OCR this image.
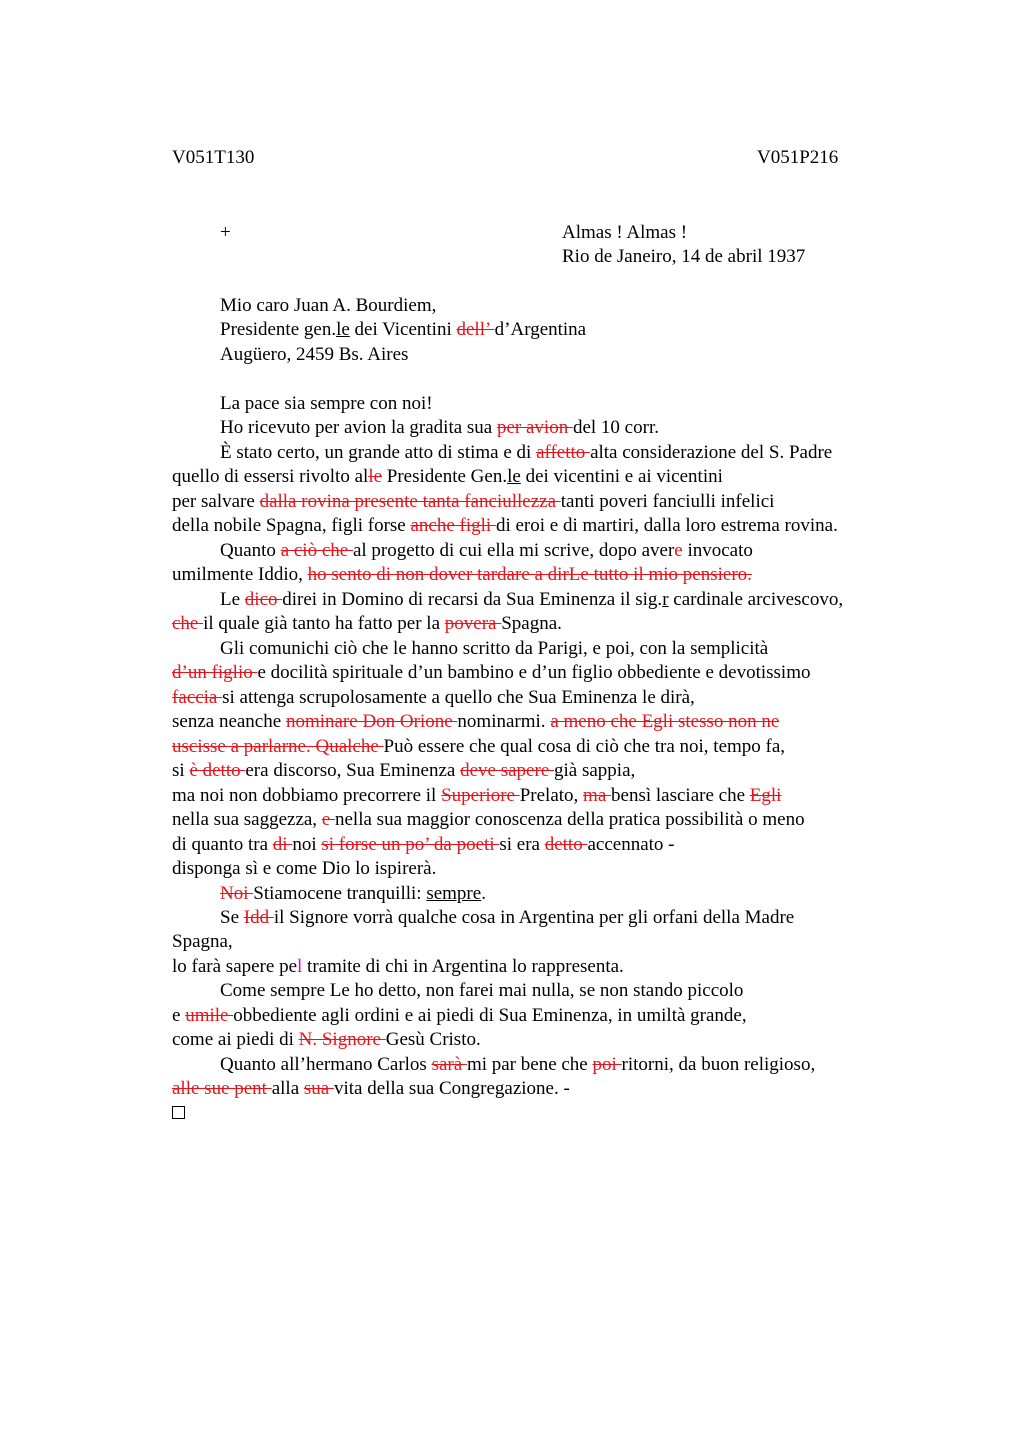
V051T130	V051P216
+	Almas ! Almas !
Rio de Janeiro, 14 de abril 1937
Mio caro Juan A. Bourdiem,
Presidente gen.le dei Vicentini dell’ d’Argentina
Augüero, 2459 Bs. Aires
La pace sia sempre con noi!
Ho ricevuto per avion la gradita sua per avion del 10 corr.
È stato certo, un grande atto di stima e di affetto alta considerazione del S. Padre
quello di essersi rivolto alle Presidente Gen.le dei vicentini e ai vicentini
per salvare dalla rovina presente tanta fanciullezza tanti poveri fanciulli infelici
della nobile Spagna, figli forse anche figli di eroi e di martiri, dalla loro estrema rovina.
Quanto a ciò che al progetto di cui ella mi scrive, dopo avere invocato
umilmente Iddio, ho sento di non dover tardare a dirLe tutto il mio pensiero.
Le dico direi in Domino di recarsi da Sua Eminenza il sig.r cardinale arcivescovo,
che il quale già tanto ha fatto per la povera Spagna.
Gli comunichi ciò che le hanno scritto da Parigi, e poi, con la semplicità
d’un figlio e docilità spirituale d’un bambino e d’un figlio obbediente e devotissimo
faccia si attenga scrupolosamente a quello che Sua Eminenza le dirà,
senza neanche nominare Don Orione nominarmi. a meno che Egli stesso non ne
uscisse a parlarne. Qualche Può essere che qual cosa di ciò che tra noi, tempo fa,
si è detto era discorso, Sua Eminenza deve sapere già sappia,
ma noi non dobbiamo precorrere il Superiore Prelato, ma bensì lasciare che Egli
nella sua saggezza, e nella sua maggior conoscenza della pratica possibilità o meno
di quanto tra di noi si forse un po’ da poeti si era detto accennato -
disponga sì e come Dio lo ispirerà.
Noi Stiamocene tranquilli: sempre.
Se Idd il Signore vorrà qualche cosa in Argentina per gli orfani della Madre
Spagna,
lo farà sapere pel tramite di chi in Argentina lo rappresenta.
Come sempre Le ho detto, non farei mai nulla, se non stando piccolo
e umile obbediente agli ordini e ai piedi di Sua Eminenza, in umiltà grande,
come ai piedi di N. Signore Gesù Cristo.
Quanto all’hermano Carlos sarà mi par bene che poi ritorni, da buon religioso,
alle sue pent alla sua vita della sua Congregazione. -
